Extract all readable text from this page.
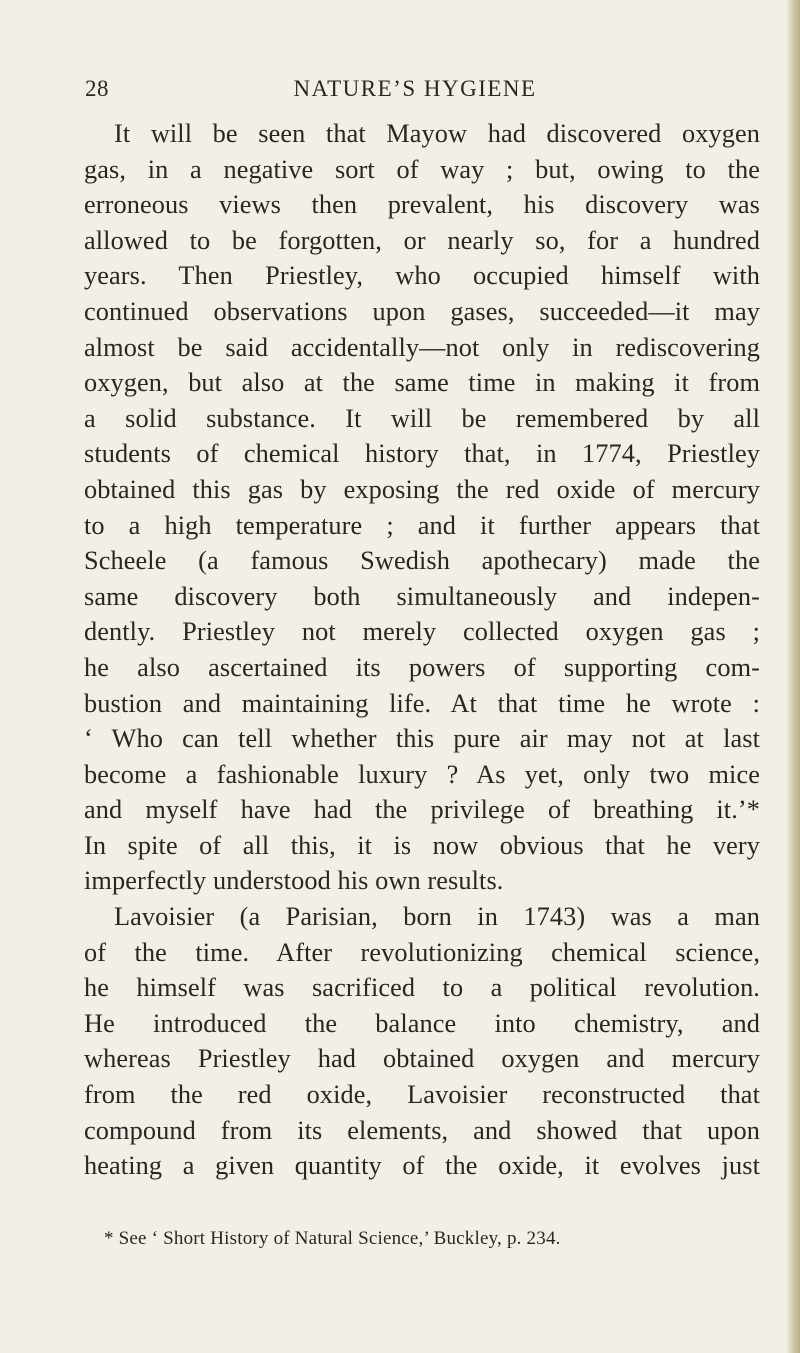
28	NATURE’S HYGIENE
It will be seen that Mayow had discovered oxygen
gas, in a negative sort of way ; but, owing to the
erroneous views then prevalent, his discovery was
allowed to be forgotten, or nearly so, for a hundred
years. Then Priestley, who occupied himself with
continued observations upon gases, succeeded—it may
almost be said accidentally—not only in rediscovering
oxygen, but also at the same time in making it from
a solid substance. It will be remembered by all
students of chemical history that, in 1774, Priestley
obtained this gas by exposing the red oxide of mercury
to a high temperature ; and it further appears that
Scheele (a famous Swedish apothecary) made the
same discovery both simultaneously and indepen-
dently. Priestley not merely collected oxygen gas ;
he also ascertained its powers of supporting com-
bustion and maintaining life. At that time he wrote :
‘ Who can tell whether this pure air may not at last
become a fashionable luxury ? As yet, only two mice
and myself have had the privilege of breathing it.’*
In spite of all this, it is now obvious that he very
imperfectly understood his own results.
Lavoisier (a Parisian, born in 1743) was a man
of the time. After revolutionizing chemical science,
he himself was sacrificed to a political revolution.
He introduced the balance into chemistry, and
whereas Priestley had obtained oxygen and mercury
from the red oxide, Lavoisier reconstructed that
compound from its elements, and showed that upon
heating a given quantity of the oxide, it evolves just
* See ‘ Short History of Natural Science,’ Buckley, p. 234.
